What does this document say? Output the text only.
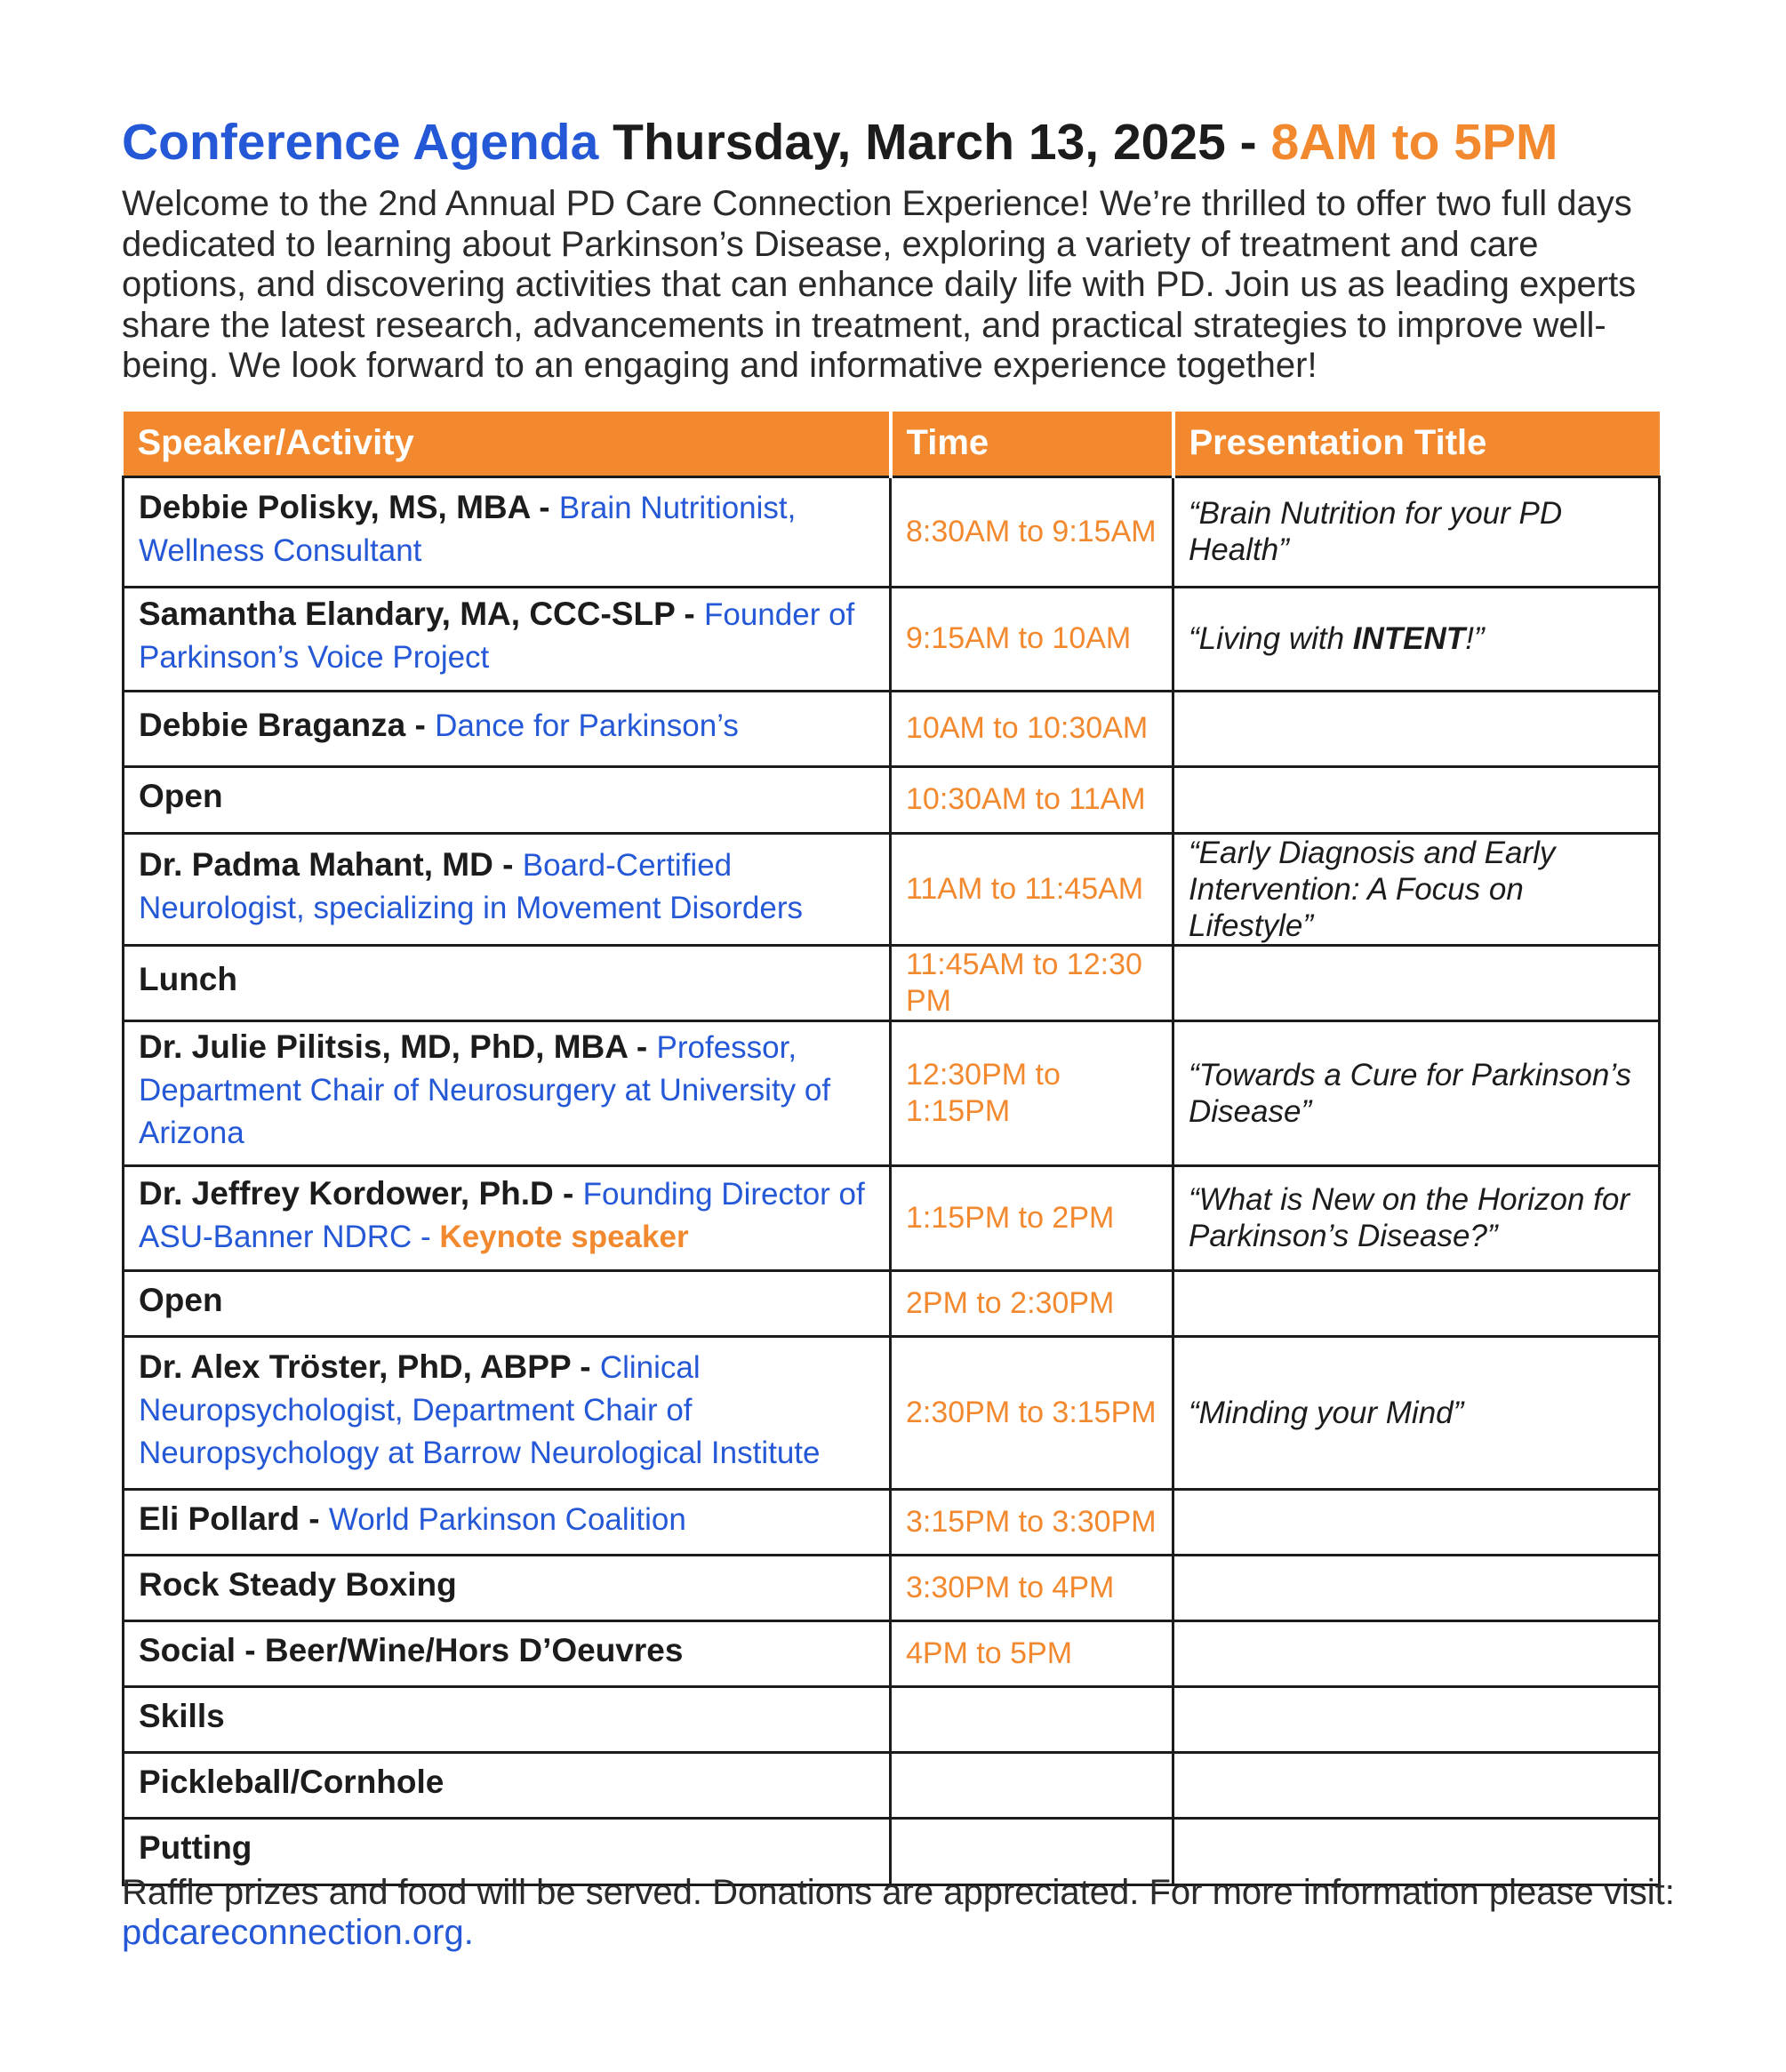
Conference Agenda Thursday, March 13, 2025 - 8AM to 5PM
Welcome to the 2nd Annual PD Care Connection Experience! We’re thrilled to offer two full days dedicated to learning about Parkinson’s Disease, exploring a variety of treatment and care options, and discovering activities that can enhance daily life with PD. Join us as leading experts share the latest research, advancements in treatment, and practical strategies to improve well-being. We look forward to an engaging and informative experience together!
Speaker/Activity	Time	Presentation Title
Debbie Polisky, MS, MBA - Brain Nutritionist, Wellness Consultant	8:30AM to 9:15AM	“Brain Nutrition for your PD Health”
Samantha Elandary, MA, CCC-SLP - Founder of Parkinson’s Voice Project	9:15AM to 10AM	“Living with INTENT!”
Debbie Braganza - Dance for Parkinson’s	10AM to 10:30AM	
Open	10:30AM to 11AM	
Dr. Padma Mahant, MD - Board-Certified Neurologist, specializing in Movement Disorders	11AM to 11:45AM	“Early Diagnosis and Early Intervention: A Focus on Lifestyle”
Lunch	11:45AM to 12:30 PM	
Dr. Julie Pilitsis, MD, PhD, MBA - Professor, Department Chair of Neurosurgery at University of Arizona	12:30PM to 1:15PM	“Towards a Cure for Parkinson’s Disease”
Dr. Jeffrey Kordower, Ph.D - Founding Director of ASU-Banner NDRC - Keynote speaker	1:15PM to 2PM	“What is New on the Horizon for Parkinson’s Disease?”
Open	2PM to 2:30PM	
Dr. Alex Tröster, PhD, ABPP - Clinical Neuropsychologist, Department Chair of Neuropsychology at Barrow Neurological Institute	2:30PM to 3:15PM	“Minding your Mind”
Eli Pollard - World Parkinson Coalition	3:15PM to 3:30PM	
Rock Steady Boxing	3:30PM to 4PM	
Social - Beer/Wine/Hors D’Oeuvres	4PM to 5PM	
Skills		
Pickleball/Cornhole		
Putting		
Raffle prizes and food will be served. Donations are appreciated. For more information please visit: pdcareconnection.org.
